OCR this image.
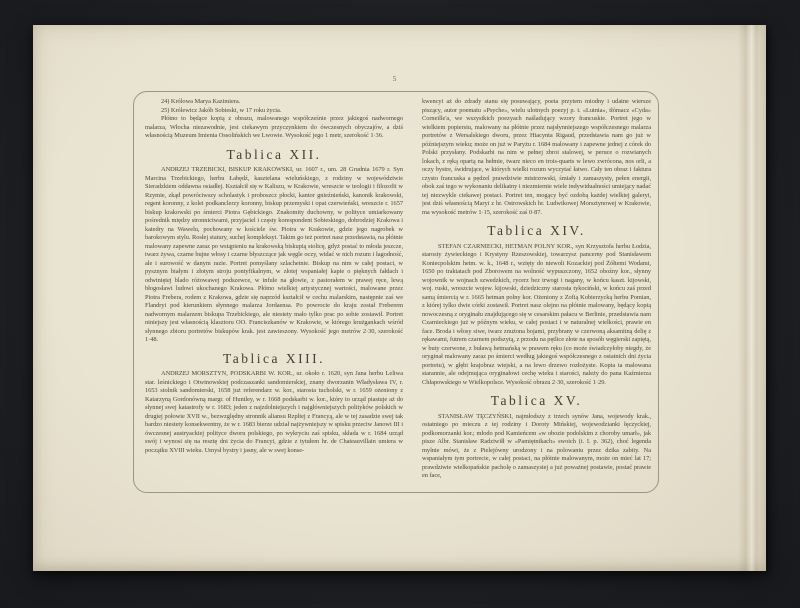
5

24) Królowa Marya Kazimiera.

25) Królewicz Jakób Sobieski, w 17 roku życia.

Płótno to będące kopią z obrazu, malowanego współcześnie przez jakiegoś nadwornego malarza, Włocha niezawodnie, jest ciekawym przyczynkiem do ówczesnych obyczajów, a dziś własnością Muzeum Imienia Ossolińskich we Lwowie. Wysokość jego 1 metr, szerokość 1·36.

Tablica XII.

ANDRZEJ TRZEBICKI, BISKUP KRAKOWSKI, ur. 1607 r., um. 28 Grudnia 1679 r. Syn Marcina Trzebickiego, herbu Łabędź, kasztelana wieluńskiego, z rodziny w województwie Sieradzkiem oddawna osiadłej. Kształcił się w Kaliszu, w Krakowie, wreszcie w teologii i filozofii w Rzymie, zkąd powróciwszy scholastyk i proboszcz płocki, kantor gnieźnieński, kanonik krakowski, regent koronny, z kolei podkanclerzy koronny, biskup przemyski i opat czerwieński, wreszcie r. 1657 biskup krakowski po śmierci Piotra Gębickiego. Znakomity duchowny, w polityce umiarkowany pośrednik między stronnictwami, przyjaciel i częsty korespondent Sobieskiego, dobrodziej Krakowa i katedry na Wawelu, pochowany w kościele św. Piotra w Krakowie, gdzie jego nagrobek w barokowym stylu. Rosłej statury, suchej kompleksyi. Takim go też portret nasz przedstawia, na płótnie malowany zapewne zaraz po wstąpieniu na krakowską biskupią stolicę, gdyż postać to młoda jeszcze, twarz żywa, czarne bujne włosy i czarne błyszczące jak węgle oczy, widać w nich rozum i łagodność, ale i surowość w danym razie. Portret pomyślany szlachetnie. Biskup na nim w całej postaci, w pysznym białym i złotym stroju pontyfikalnym, w złotej wspaniałej kapie o pięknych fałdach i odwiniętej blado różowawej podszewce, w infule na głowie, z pastorałem w prawej ręce, lewą błogosławi ludowi ukochanego Krakowa. Płótno wielkiej artystycznej wartości, malowane przez Piotra Frebera, rodem z Krakowa, gdzie się naprzód kształcił w cechu malarskim, następnie zaś we Flandryi pod kierunkiem słynnego malarza Jordaensa. Po powrocie do kraju został Freberem nadwornym malarzem biskupa Trzebickiego, ale niestety mało tylko prac po sobie zostawił. Portret niniejszy jest własnością klasztoru OO. Franciszkanów w Krakowie, w którego krużgankach wśród słynnego zbioru portretów biskupów krak. jest zawieszony. Wysokość jego metrów 2·30, szerokość 1·48.

Tablica XIII.

ANDRZEJ MORSZTYN, PODSKARBI W. KOR., ur. około r. 1620, syn Jana herbu Leliwa star. leśnickiego i Otwinowskiej podczaszanki sandomierskiej, znany dworzanin Władysława IV, r. 1653 stolnik sandomierski, 1658 już referendarz w. kor., starosta tucholski, w r. 1659 ożeniony z Katarzyną Gordonówną margr. of Huntley, w r. 1668 podskarbi w. kor., który to urząd piastuje aż do słynnej swej katastrofy w r. 1683; jeden z najzdolniejszych i najgłówniejszych polityków polskich w drugiej połowie XVII w., bezwzględny stronnik aliansu Rzpltej z Francyą, ale w tej zasadzie swej tak bardzo niestety konsekwentny, że w r. 1683 bierze udział najżywniejszy w spisku przeciw Janowi III i ówczesnej austryackiej polityce dworu polskiego, po wykryciu zaś spisku, składa w r. 1684 urząd swój i wynosi się na resztę dni życia do Francyi, gdzie z tytułem hr. de Chateauvillain umiera w początku XVIII wieku. Umysł bystry i jasny, ale w swej konse-

kwencyi aż do zdrady stanu się posuwający, poeta przytem miodny i udatne wiersze piszący, autor poematu «Psyche», wielu ulotnych poezyj p. t. «Lutnia», tłómacz «Cyda» Corneille'a, we wszystkich poezyach naśladujący wzory francuskie. Portret jego w wielkiem popiersiu, malowany na płótnie przez najsłynniejszego współczesnego malarza portretów z Wersalskiego dworu, przez Hiacynta Rigaud, przedstawia nam go już w późniejszym wieku; może on już w Paryżu r. 1684 malowany i zapewne jednej z córek do Polski przysłany. Podskarbi na nim w pełnej zbroi stalowej, w peruce o rozwianych lokach, z ręką opartą na hełmie, twarz nieco en trois-quarts w lewo zwrócona, nos orli, a oczy bystre, świdrujące, w których wielki rozum wyczytać łatwo. Cały ten obraz i faktura czysto francuska a pędzel prawdziwie mistrzowski, śmiały i zamaszysty, pełen energii, obok zaś tego w wykonaniu delikatny i niezmiernie wiele indywidualności umiejący nadać tej niezwykle ciekawej postaci. Portret ten, mogący być ozdobą każdej wielkiej galeryi, jest dziś własnością Maryi z hr. Ostrowskich hr. Ludwikowej Morsztynowej w Krakowie, ma wysokość metrów 1·15, szerokość zaś 0·87.

Tablica XIV.

STEFAN CZARNIECKI, HETMAN POLNY KOR., syn Krzysztofa herbu Łodzia, starosty żywieckiego i Krystyny Rzeszowskiej, towarzysz pancerny pod Stanisławem Koniecpolskim hetm. w. k., 1648 r., wzięty do niewoli Kozackiej pod Żółtemi Wodami, 1650 po traktatach pod Zborowem na wolność wypuszczony, 1652 oboźny kor., słynny wojownik w wojnach szwedzkich, rycerz bez trwogi i nagany, w końcu kaszt. kijowski, woj. ruski, wreszcie wojew. kijowski, dziedziczny starosta tykociński, w końcu zaś przed samą śmiercią w r. 1665 hetman polny kor. Ożeniony z Zofią Kobierzycką herbu Pomian, z której tylko dwie córki zostawił. Portret nasz olejno na płótnie malowany, będący kopią nowoczesną z oryginału znajdującego się w cesarskim pałacu w Berlinie, przedstawia nam Czarnieckiego już w późnym wieku, w całej postaci i w naturalnej wielkości, prawie en face. Broda i włosy siwe, twarz znużona bojami, przybrany w czerwoną aksamitną delię z rękawami, futrem czarnem podszytą, z przodu na pętlice złote na sposób węgierski zapiętą, w buty czerwone, z buławą hetmańską w prawem ręku (co może świadczyłoby niegdy, że oryginał malowany zaraz po śmierci według jakiegoś współczesnego z ostatnich dni życia portretu), w głębi krajobraz wiejski, a na lewo drzewo rozłożyste. Kopia ta malowana starannie, ale odejmująca oryginałowi cechę wieku i starości, należy do pana Kaźmierza Chłapowskiego w Wielkopolsce. Wysokość obrazu 2·30, szerokość 1·29.

Tablica XV.

STANISŁAW TĘCZYŃSKI, najmłodszy z trzech synów Jana, wojewody krak., ostatniego po mieczu z tej rodziny i Doroty Mińskiej, wojewodzianki łęczyckiej, podkomorzanki kor.; młodo pod Kamieńcem «w obozie podolskim z choroby umarł», jak pisze Albr. Stanisław Radziwiłł w «Pamiętnikach» swoich (t. I. p. 362), choć legenda mylnie mówi, że z Pielejówny urodzony i na polowaniu przez dzika zabity. Na wspaniałym tym portrecie, w całej postaci, na płótnie malowanym, może on mieć lat 17; prawdziwie wielkopańskie pacholę o zamaszystej a już poważnej postawie, postać prawie en face,
